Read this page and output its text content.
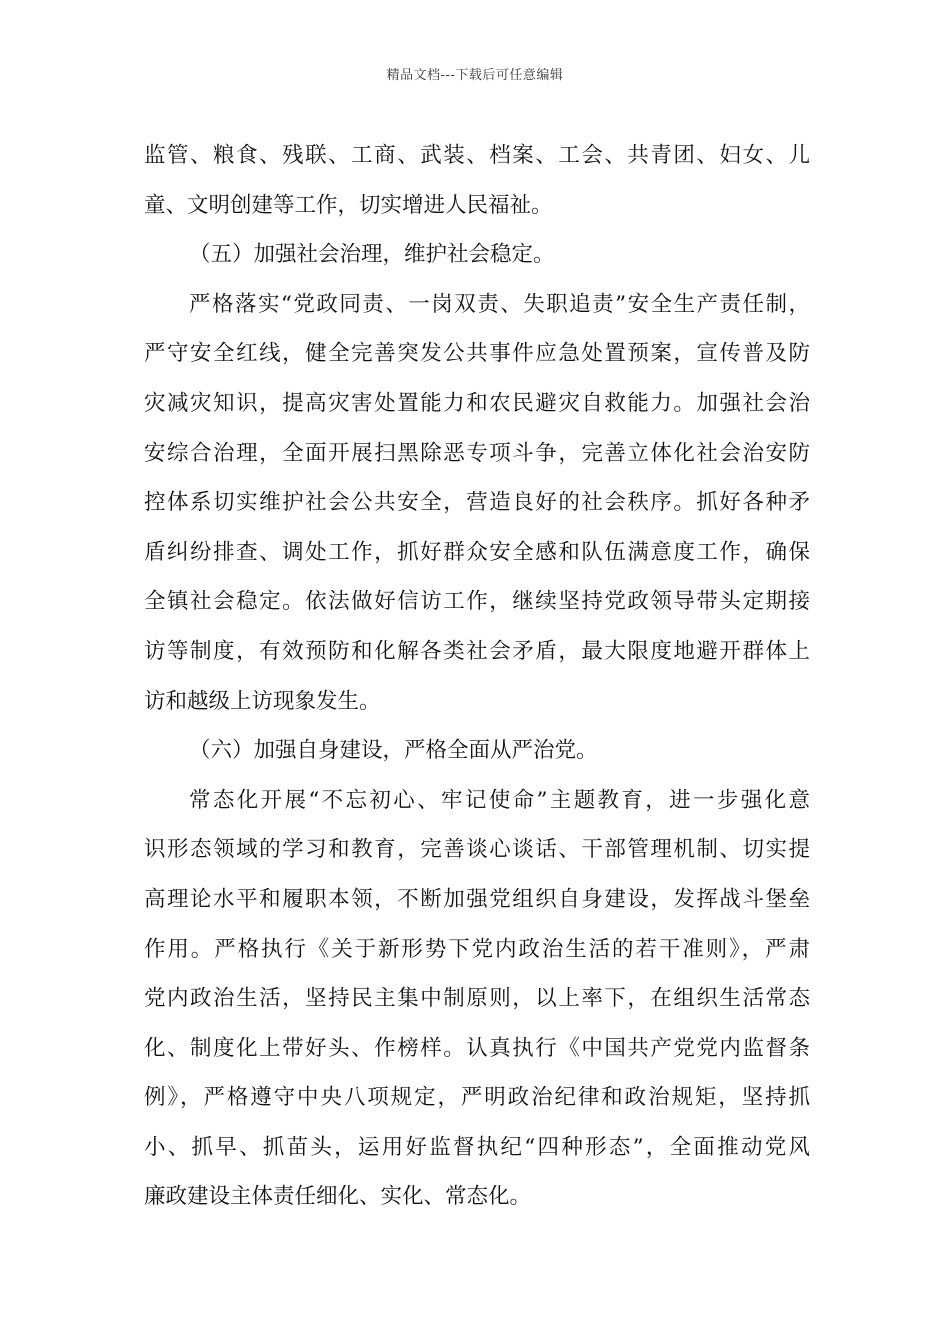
精品文档---下载后可任意编辑
监管、粮食、残联、工商、武装、档案、工会、共青团、妇女、儿
童、文明创建等工作，切实增进人民福祉。
（五）加强社会治理，维护社会稳定。
严格落实“党政同责、一岗双责、失职追责”安全生产责任制，
严守安全红线，健全完善突发公共事件应急处置预案，宣传普及防
灾减灾知识，提高灾害处置能力和农民避灾自救能力。加强社会治
安综合治理，全面开展扫黑除恶专项斗争，完善立体化社会治安防
控体系切实维护社会公共安全，营造良好的社会秩序。抓好各种矛
盾纠纷排查、调处工作，抓好群众安全感和队伍满意度工作，确保
全镇社会稳定。依法做好信访工作，继续坚持党政领导带头定期接
访等制度，有效预防和化解各类社会矛盾，最大限度地避开群体上
访和越级上访现象发生。
（六）加强自身建设，严格全面从严治党。
常态化开展“不忘初心、牢记使命”主题教育，进一步强化意
识形态领域的学习和教育，完善谈心谈话、干部管理机制、切实提
高理论水平和履职本领，不断加强党组织自身建设，发挥战斗堡垒
作用。严格执行《关于新形势下党内政治生活的若干准则》，严肃
党内政治生活，坚持民主集中制原则，以上率下，在组织生活常态
化、制度化上带好头、作榜样。认真执行《中国共产党党内监督条
例》，严格遵守中央八项规定，严明政治纪律和政治规矩，坚持抓
小、抓早、抓苗头，运用好监督执纪“四种形态”，全面推动党风
廉政建设主体责任细化、实化、常态化。
